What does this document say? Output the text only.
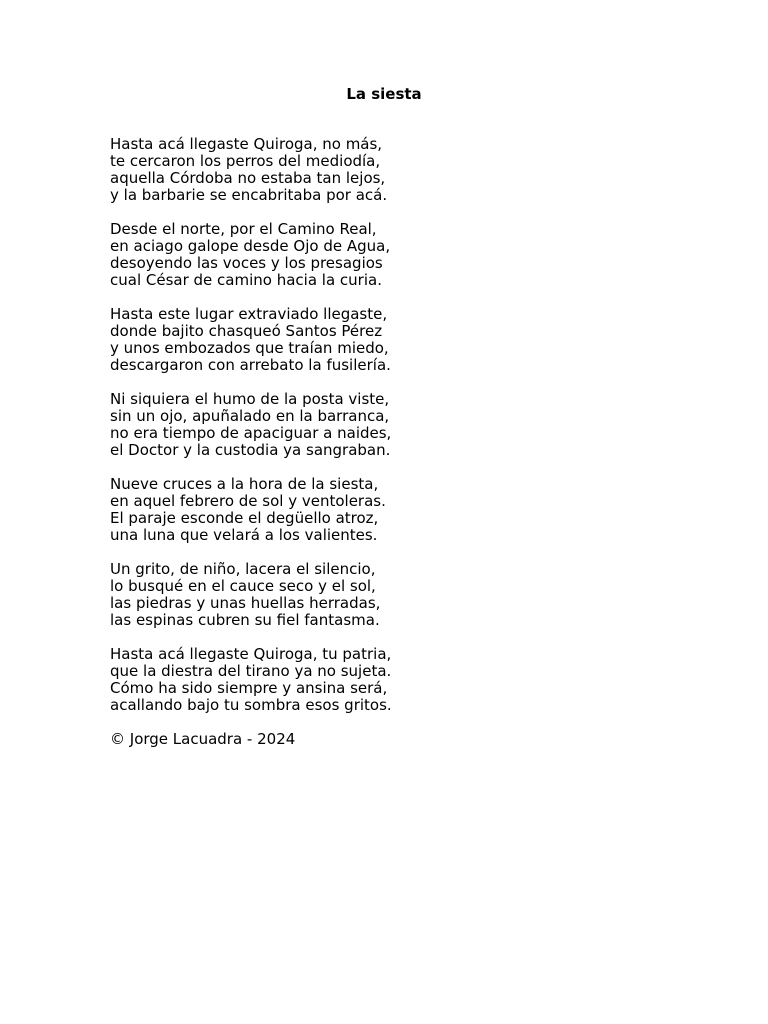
La siesta
Hasta acá llegaste Quiroga, no más,
te cercaron los perros del mediodía,
aquella Córdoba no estaba tan lejos,
y la barbarie se encabritaba por acá.
Desde el norte, por el Camino Real,
en aciago galope desde Ojo de Agua,
desoyendo las voces y los presagios
cual César de camino hacia la curia.
Hasta este lugar extraviado llegaste,
donde bajito chasqueó Santos Pérez
y unos embozados que traían miedo,
descargaron con arrebato la fusilería.
Ni siquiera el humo de la posta viste,
sin un ojo, apuñalado en la barranca,
no era tiempo de apaciguar a naides,
el Doctor y la custodia ya sangraban.
Nueve cruces a la hora de la siesta,
en aquel febrero de sol y ventoleras.
El paraje esconde el degüello atroz,
una luna que velará a los valientes.
Un grito, de niño, lacera el silencio,
lo busqué en el cauce seco y el sol,
las piedras y unas huellas herradas,
las espinas cubren su fiel fantasma.
Hasta acá llegaste Quiroga, tu patria,
que la diestra del tirano ya no sujeta.
Cómo ha sido siempre y ansina será,
acallando bajo tu sombra esos gritos.
© Jorge Lacuadra - 2024
